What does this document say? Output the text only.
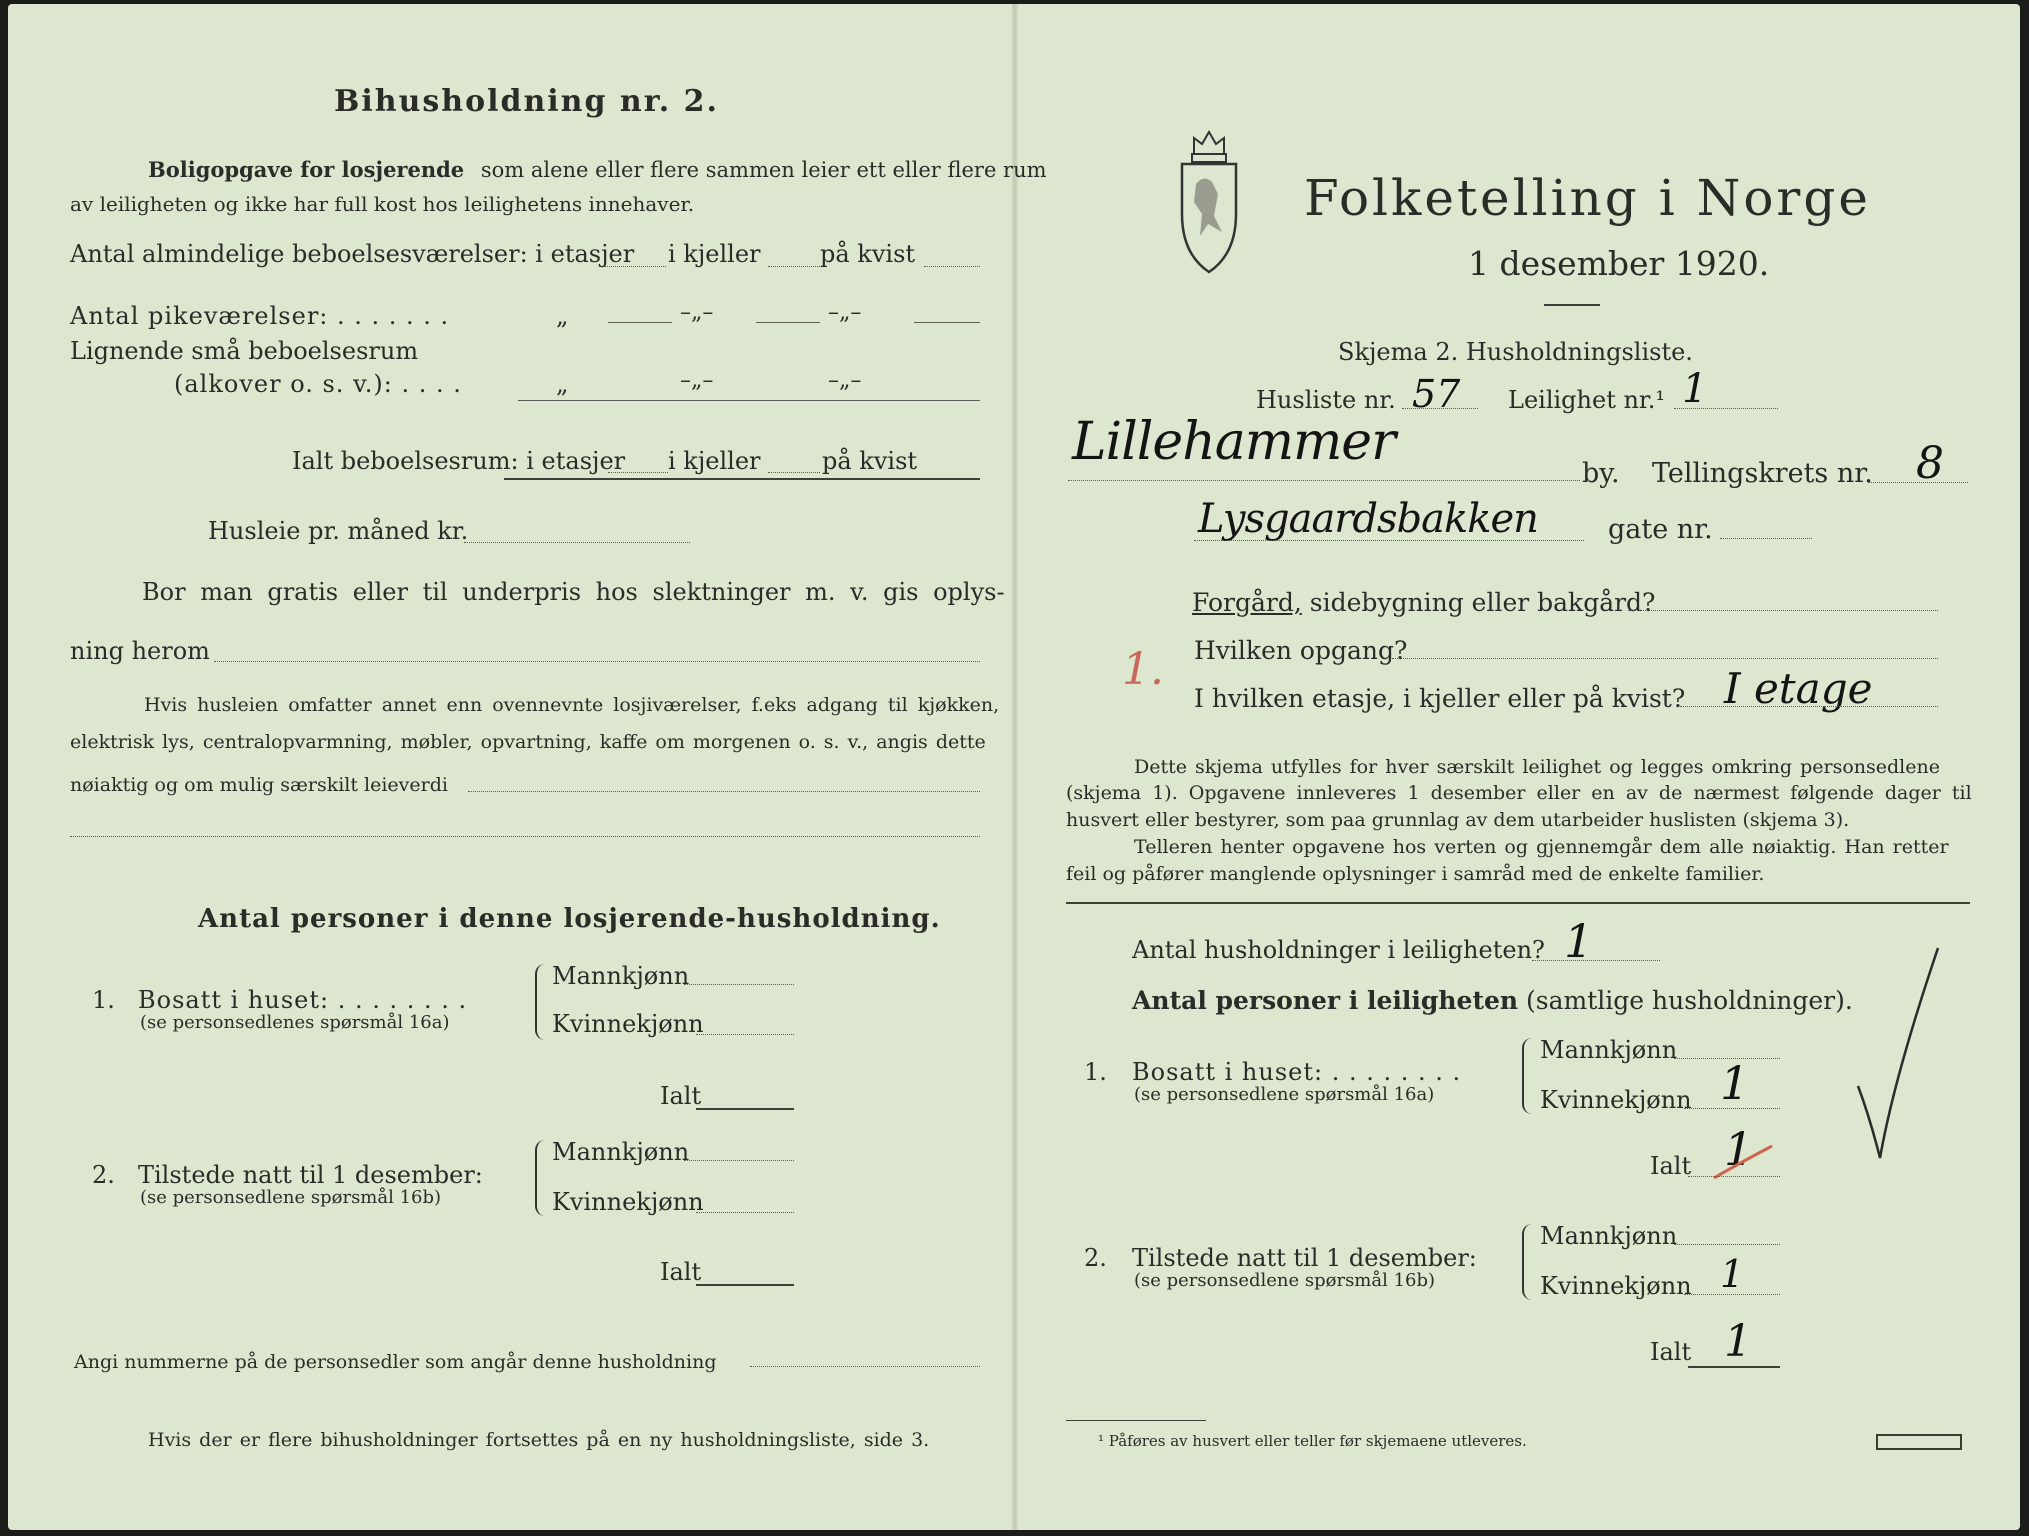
Bihusholdning nr. 2.
Boligopgave for losjerende som alene eller flere sammen leier ett eller flere rum
av leiligheten og ikke har full kost hos leilighetens innehaver.
Antal almindelige beboelsesværelser: i etasjer i kjeller på kvist
Antal pikeværelser: . . . . . . .	„	–„–	–„–
Lignende små beboelsesrum
(alkover o. s. v.): . . . .	„	–„–	–„–
Ialt beboelsesrum: i etasjer i kjeller	på kvist
Husleie pr. måned kr.
Bor man gratis eller til underpris hos slektninger m. v. gis oplys-
ning herom
Hvis husleien omfatter annet enn ovennevnte losjiværelser, f.eks adgang til kjøkken,
elektrisk lys, centralopvarmning, møbler, opvartning, kaffe om morgenen o. s. v., angis dette
nøiaktig og om mulig særskilt leieverdi
Antal personer i denne losjerende-husholdning.
1. Bosatt i huset: . . . . . . . .
(se personsedlenes spørsmål 16a)
Mannkjønn
Kvinnekjønn
Ialt
2. Tilstede natt til 1 desember:
(se personsedlene spørsmål 16b)
Mannkjønn
Kvinnekjønn
Ialt
Angi nummerne på de personsedler som angår denne husholdning
Hvis der er flere bihusholdninger fortsettes på en ny husholdningsliste, side 3.
Folketelling i Norge
1 desember 1920.
Skjema 2. Husholdningsliste.
Husliste nr. 57 Leilighet nr.¹ 1
Lillehammer
by. Tellingskrets nr. 8
Lysgaardsbakken	gate nr.
Forgård, sidebygning eller bakgård?
Hvilken opgang?
1.
I hvilken etasje, i kjeller eller på kvist? I etage
Dette skjema utfylles for hver særskilt leilighet og legges omkring personsedlene
(skjema 1). Opgavene innleveres 1 desember eller en av de nærmest følgende dager til
husvert eller bestyrer, som paa grunnlag av dem utarbeider huslisten (skjema 3).
Telleren henter opgavene hos verten og gjennemgår dem alle nøiaktig. Han retter
feil og påfører manglende oplysninger i samråd med de enkelte familier.
Antal husholdninger i leiligheten? 1
Antal personer i leiligheten (samtlige husholdninger).
1. Bosatt i huset: . . . . . . . .
(se personsedlene spørsmål 16a)
Mannkjønn
Kvinnekjønn 1
Ialt 1
2. Tilstede natt til 1 desember:
(se personsedlene spørsmål 16b)
Mannkjønn
Kvinnekjønn 1
Ialt 1
¹ Påføres av husvert eller teller før skjemaene utleveres.
